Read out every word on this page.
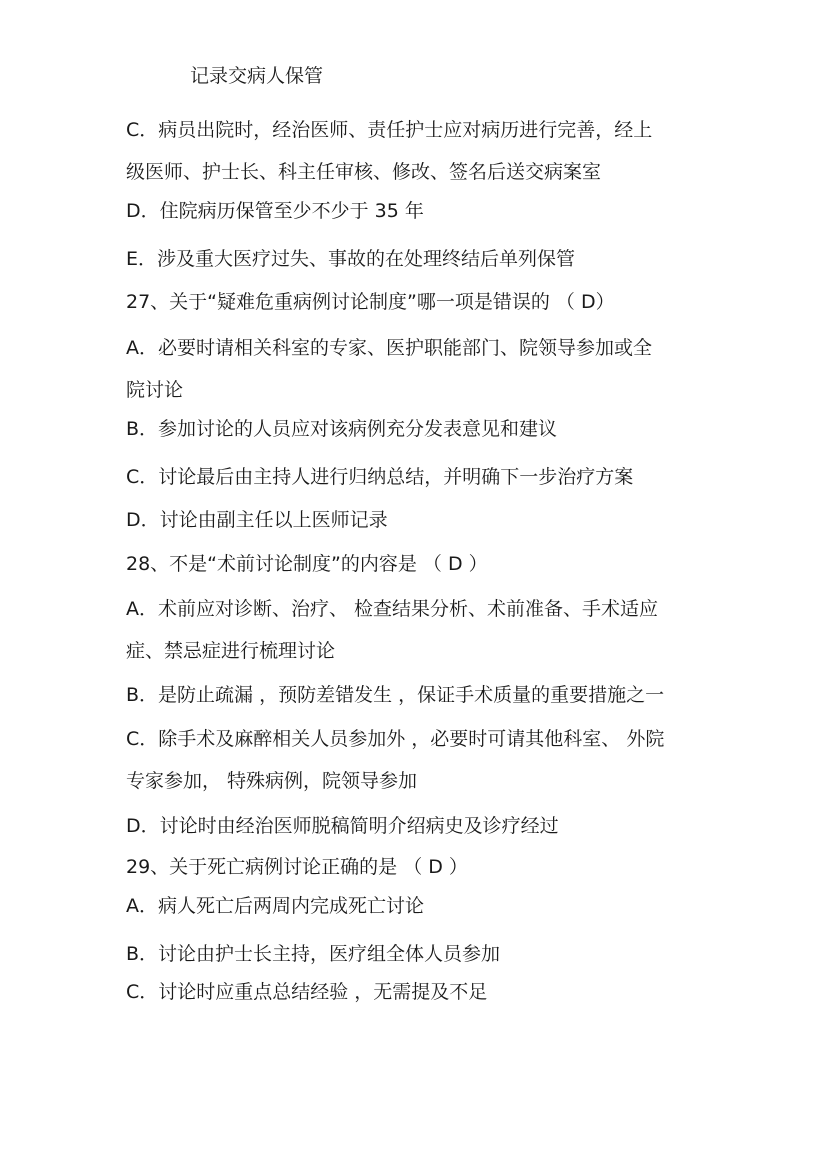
记录交病人保管
C．病员出院时，经治医师、责任护士应对病历进行完善，经上
级医师、护士长、科主任审核、修改、签名后送交病案室
D．住院病历保管至少不少于 35 年
E．涉及重大医疗过失、事故的在处理终结后单列保管
27、关于“疑难危重病例讨论制度”哪一项是错误的 （ D）
A．必要时请相关科室的专家、医护职能部门、院领导参加或全
院讨论
B．参加讨论的人员应对该病例充分发表意见和建议
C．讨论最后由主持人进行归纳总结，并明确下一步治疗方案
D．讨论由副主任以上医师记录
28、不是“术前讨论制度”的内容是 （ D ）
A．术前应对诊断、治疗、 检查结果分析、术前准备、手术适应
症、禁忌症进行梳理讨论
B．是防止疏漏 ，预防差错发生 ，保证手术质量的重要措施之一
C．除手术及麻醉相关人员参加外 ，必要时可请其他科室、 外院
专家参加， 特殊病例，院领导参加
D．讨论时由经治医师脱稿简明介绍病史及诊疗经过
29、关于死亡病例讨论正确的是 （ D ）
A．病人死亡后两周内完成死亡讨论
B．讨论由护士长主持，医疗组全体人员参加
C．讨论时应重点总结经验 ，无需提及不足
